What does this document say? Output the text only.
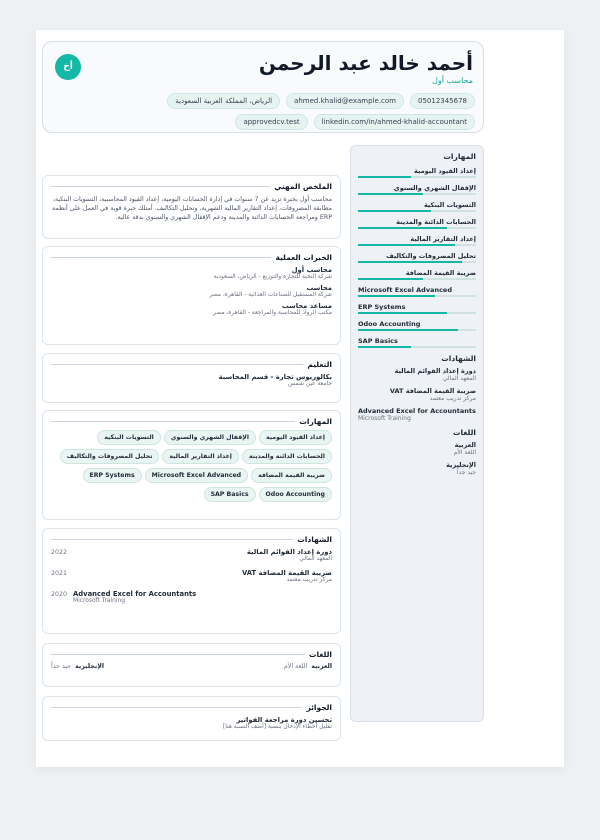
أحمد خالد عبد الرحمن
محاسب أول
أخ
05012345678
ahmed.khalid@example.com
الرياض، المملكة العربية السعودية
linkedin.com/in/ahmed-khalid-accountant
approvedcv.test
الملخص المهني
محاسب أول بخبرة تزيد عن 7 سنوات في إدارة الحسابات اليومية، إعداد القيود المحاسبية، التسويات البنكية، مطابقة المصروفات، إعداد التقارير المالية الشهرية، وتحليل التكاليف. أمتلك خبرة قوية في العمل على أنظمة ERP ومراجعة الحسابات الدائنة والمدينة ودعم الإقفال الشهري والسنوي بدقة عالية.
الخبرات العملية
محاسب أول
شركة النخبة للتجارة والتوزيع - الرياض، السعودية
محاسب
شركة المستقبل للصناعات الغذائية - القاهرة، مصر
مساعد محاسب
مكتب الرواد للمحاسبة والمراجعة - القاهرة، مصر
التعليم
بكالوريوس تجارة - قسم المحاسبة
جامعة عين شمس
المهارات
إعداد القيود اليومية
الإقفال الشهري والسنوي
التسويات البنكية
الحسابات الدائنة والمدينة
إعداد التقارير المالية
تحليل المصروفات والتكاليف
ضريبة القيمة المضافة
Microsoft Excel Advanced
ERP Systems
Odoo Accounting
SAP Basics
الشهادات
دورة إعداد القوائم المالية
المعهد المالي
2022
ضريبة القيمة المضافة VAT
مركز تدريب معتمد
2021
2020 Advanced Excel for Accountants
Microsoft Training
اللغات
العربيةاللغة الأم
الإنجليزيةجيد جداً
الجوائز
تحسين دورة مراجعة الفواتير
تقليل أخطاء الإدخال بنسبة [أضف النسبة هنا]
المهارات
إعداد القيود اليومية
الإقفال الشهري والسنوي
التسويات البنكية
الحسابات الدائنة والمدينة
إعداد التقارير المالية
تحليل المصروفات والتكاليف
ضريبة القيمة المضافة
Microsoft Excel Advanced
ERP Systems
Odoo Accounting
SAP Basics
الشهادات
دورة إعداد القوائم المالية
المعهد المالي
ضريبة القيمة المضافة VAT
مركز تدريب معتمد
Advanced Excel for Accountants
Microsoft Training
اللغات
العربية
اللغة الأم
الإنجليزية
جيد جداً
